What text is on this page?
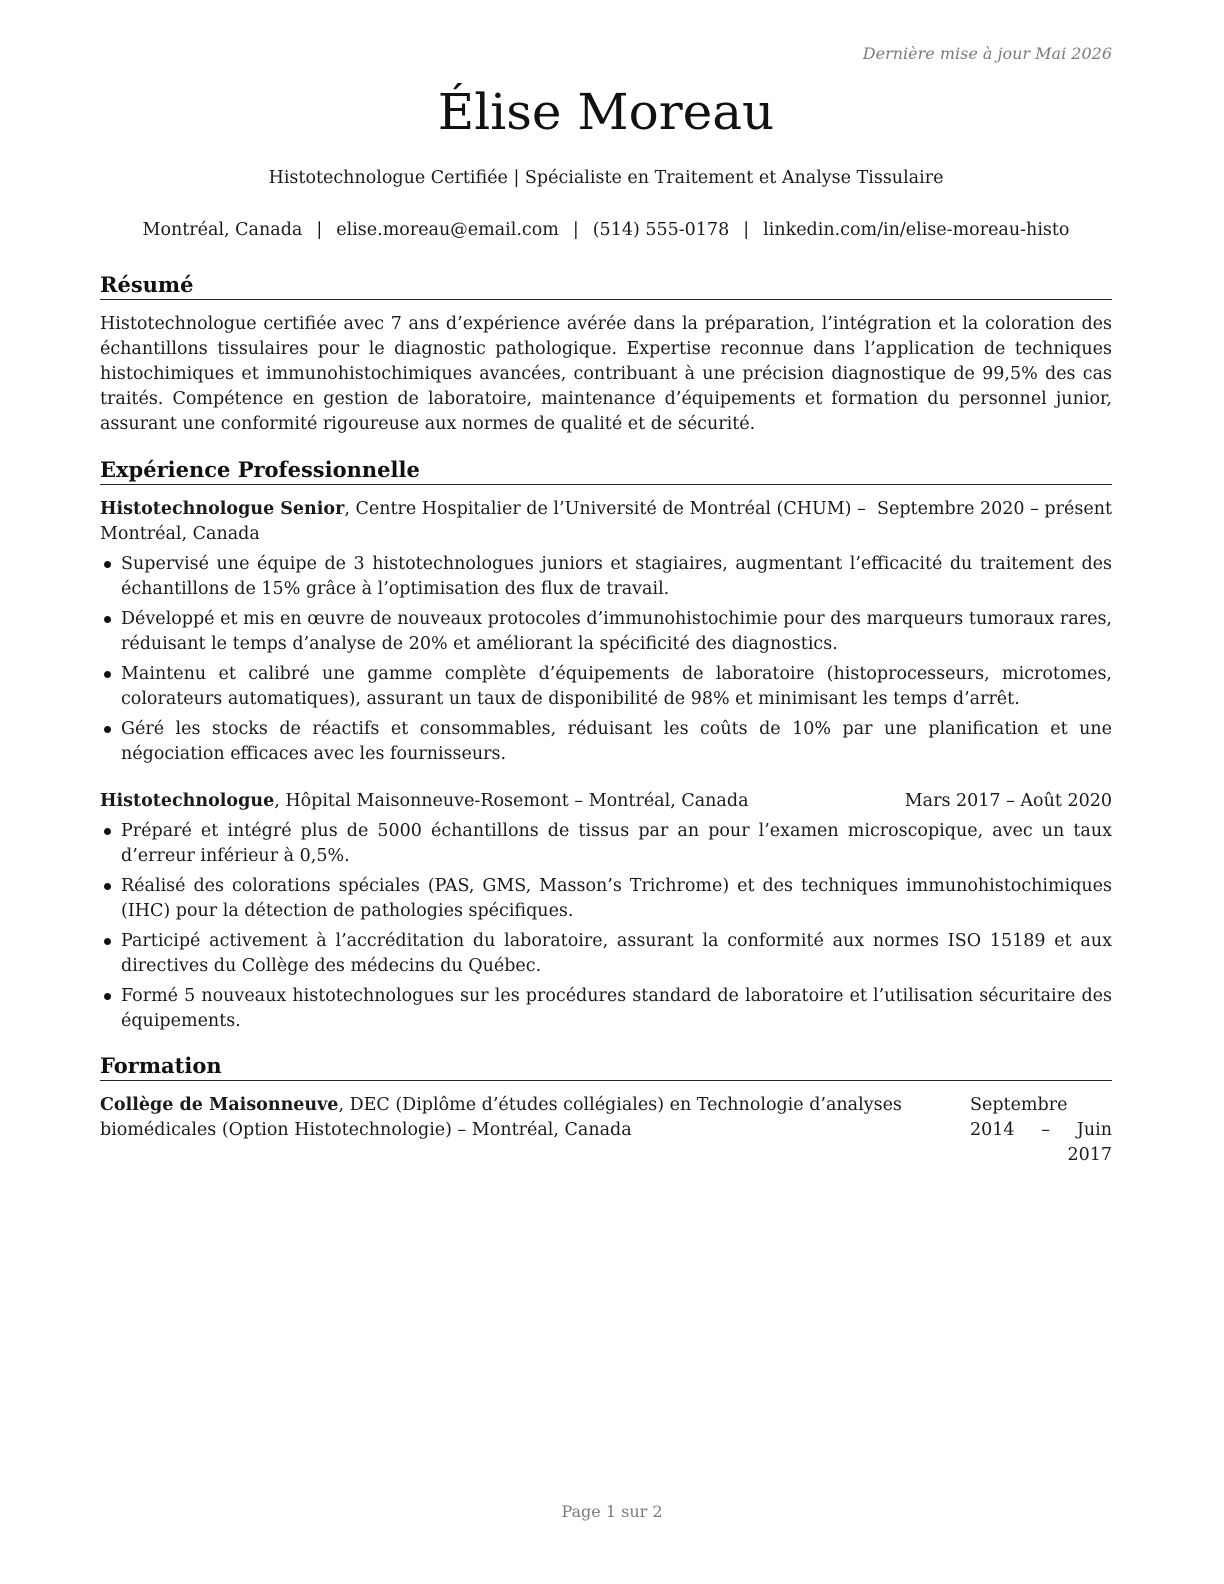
Dernière mise à jour Mai 2026
Élise Moreau
Histotechnologue Certifiée | Spécialiste en Traitement et Analyse Tissulaire
Montréal, Canada | elise.moreau@email.com | (514) 555-0178 | linkedin.com/in/elise-moreau-histo
Résumé

Histotechnologue certifiée avec 7 ans d’expérience avérée dans la préparation, l’intégration et la coloration des échantillons tissulaires pour le diagnostic pathologique. Expertise reconnue dans l’application de techniques histochimiques et immunohistochimiques avancées, contribuant à une précision diagnostique de 99,5% des cas traités. Compétence en gestion de laboratoire, maintenance d’équipements et formation du personnel junior, assurant une conformité rigoureuse aux normes de qualité et de sécurité.

Expérience Professionnelle
Histotechnologue Senior, Centre Hospitalier de l’Université de Montréal (CHUM) – Montréal, Canada
Septembre 2020 – présent
Supervisé une équipe de 3 histotechnologues juniors et stagiaires, augmentant l’efficacité du traitement des échantillons de 15% grâce à l’optimisation des flux de travail.
Développé et mis en œuvre de nouveaux protocoles d’immunohistochimie pour des marqueurs tumoraux rares, réduisant le temps d’analyse de 20% et améliorant la spécificité des diagnostics.
Maintenu et calibré une gamme complète d’équipements de laboratoire (histoprocesseurs, microtomes, colorateurs automatiques), assurant un taux de disponibilité de 98% et minimisant les temps d’arrêt.
Géré les stocks de réactifs et consommables, réduisant les coûts de 10% par une planification et une négociation efficaces avec les fournisseurs.
Histotechnologue, Hôpital Maisonneuve-Rosemont – Montréal, Canada	Mars 2017 – Août 2020
Préparé et intégré plus de 5000 échantillons de tissus par an pour l’examen microscopique, avec un taux d’erreur inférieur à 0,5%.
Réalisé des colorations spéciales (PAS, GMS, Masson’s Trichrome) et des techniques immunohistochimiques (IHC) pour la détection de pathologies spécifiques.
Participé activement à l’accréditation du laboratoire, assurant la conformité aux normes ISO 15189 et aux directives du Collège des médecins du Québec.
Formé 5 nouveaux histotechnologues sur les procédures standard de laboratoire et l’utilisation sécuritaire des équipements.
Formation
Collège de Maisonneuve, DEC (Diplôme d’études collégiales) en Technologie d’analyses biomédicales (Option Histotechnologie) – Montréal, Canada
Septembre 2014 – Juin 2017
Page 1 sur 2
